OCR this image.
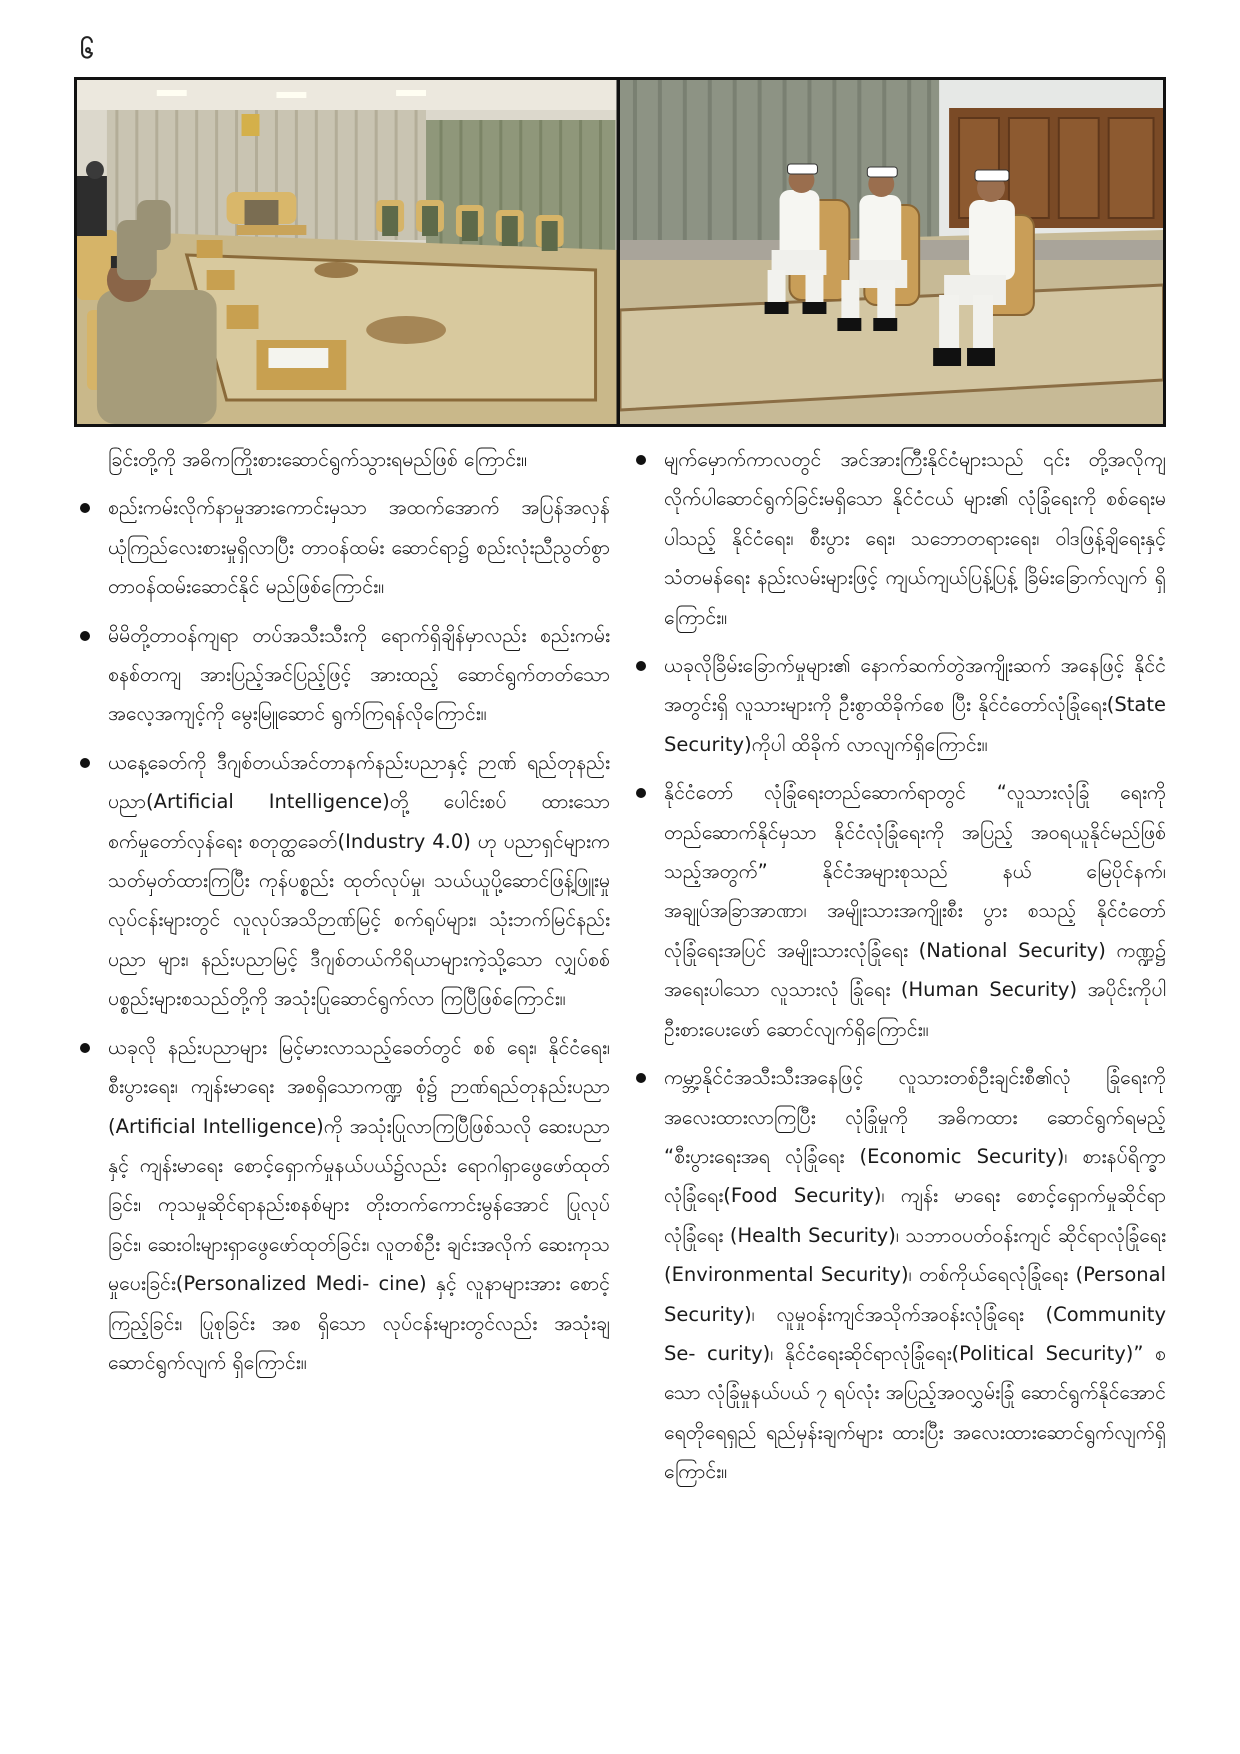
၆
ခြင်းတို့ကို အဓိကကြိုးစားဆောင်ရွက်သွားရမည်ဖြစ် ကြောင်း။
စည်းကမ်းလိုက်နာမှုအားကောင်းမှသာ အထက်အောက် အပြန်အလှန် ယုံကြည်လေးစားမှုရှိလာပြီး တာဝန်ထမ်း ဆောင်ရာ၌ စည်းလုံးညီညွတ်စွာ တာဝန်ထမ်းဆောင်နိုင် မည်ဖြစ်ကြောင်း။
မိမိတို့တာဝန်ကျရာ တပ်အသီးသီးကို ရောက်ရှိချိန်မှာလည်း စည်းကမ်းစနစ်တကျ အားပြည့်အင်ပြည့်ဖြင့် အားထည့် ဆောင်ရွက်တတ်သော အလေ့အကျင့်ကို မွေးမြူဆောင် ရွက်ကြရန်လိုကြောင်း။
ယနေ့ခေတ်ကို ဒီဂျစ်တယ်အင်တာနက်နည်းပညာနှင့် ဉာဏ် ရည်တုနည်းပညာ(Artificial Intelligence)တို့ ပေါင်းစပ် ထားသော စက်မှုတော်လှန်ရေး စတုတ္ထခေတ်(Industry 4.0) ဟု ပညာရှင်များက သတ်မှတ်ထားကြပြီး ကုန်ပစ္စည်း ထုတ်လုပ်မှု၊ သယ်ယူပို့ဆောင်ဖြန့်ဖြူးမှုလုပ်ငန်းများတွင် လူလုပ်အသိဉာဏ်မြင့် စက်ရုပ်များ၊ သုံးဘက်မြင်နည်းပညာ များ၊ နည်းပညာမြင့် ဒီဂျစ်တယ်ကိရိယာများကဲ့သို့သော လျှပ်စစ်ပစ္စည်းများစသည်တို့ကို အသုံးပြုဆောင်ရွက်လာ ကြပြီဖြစ်ကြောင်း။
ယခုလို နည်းပညာများ မြင့်မားလာသည့်ခေတ်တွင် စစ် ရေး၊ နိုင်ငံရေး၊ စီးပွားရေး၊ ကျန်းမာရေး အစရှိသောကဏ္ဍ စုံ၌ ဉာဏ်ရည်တုနည်းပညာ (Artificial Intelligence)ကို အသုံးပြုလာကြပြီဖြစ်သလို ဆေးပညာနှင့် ကျန်းမာရေး စောင့်ရှောက်မှုနယ်ပယ်၌လည်း ရောဂါရှာဖွေဖော်ထုတ်ခြင်း၊ ကုသမှုဆိုင်ရာနည်းစနစ်များ တိုးတက်ကောင်းမွန်အောင် ပြုလုပ်ခြင်း၊ ဆေးဝါးများရှာဖွေဖော်ထုတ်ခြင်း၊ လူတစ်ဦး ချင်းအလိုက် ဆေးကုသမှုပေးခြင်း(Personalized Medi- cine) နှင့် လူနာများအား စောင့်ကြည့်ခြင်း၊ ပြုစုခြင်း အစ ရှိသော လုပ်ငန်းများတွင်လည်း အသုံးချဆောင်ရွက်လျက် ရှိကြောင်း။
မျက်မှောက်ကာလတွင် အင်အားကြီးနိုင်ငံများသည် ၎င်း တို့အလိုကျ လိုက်ပါဆောင်ရွက်ခြင်းမရှိသော နိုင်ငံငယ် များ၏ လုံခြုံရေးကို စစ်ရေးမပါသည့် နိုင်ငံရေး၊ စီးပွား ရေး၊ သဘောတရားရေး၊ ဝါဒဖြန့်ချိရေးနှင့် သံတမန်ရေး နည်းလမ်းများဖြင့် ကျယ်ကျယ်ပြန့်ပြန့် ခြိမ်းခြောက်လျက် ရှိကြောင်း။
ယခုလိုခြိမ်းခြောက်မှုများ၏ နောက်ဆက်တွဲအကျိုးဆက် အနေဖြင့် နိုင်ငံအတွင်းရှိ လူသားများကို ဦးစွာထိခိုက်စေ ပြီး နိုင်ငံတော်လုံခြုံရေး(State Security)ကိုပါ ထိခိုက် လာလျက်ရှိကြောင်း။
နိုင်ငံတော် လုံခြုံရေးတည်ဆောက်ရာတွင် “လူသားလုံခြုံ ရေးကိုတည်ဆောက်နိုင်မှသာ နိုင်ငံလုံခြုံရေးကို အပြည့် အဝရယူနိုင်မည်ဖြစ်သည့်အတွက်” နိုင်ငံအများစုသည် နယ် မြေပိုင်နက်၊ အချုပ်အခြာအာဏာ၊ အမျိုးသားအကျိုးစီး ပွား စသည့် နိုင်ငံတော်လုံခြုံရေးအပြင် အမျိုးသားလုံခြုံရေး (National Security) ကဏ္ဍ၌ အရေးပါသော လူသားလုံ ခြုံရေး (Human Security) အပိုင်းကိုပါ ဦးစားပေးဖော် ဆောင်လျက်ရှိကြောင်း။
ကမ္ဘာ့နိုင်ငံအသီးသီးအနေဖြင့် လူသားတစ်ဦးချင်းစီ၏လုံ ခြုံရေးကို အလေးထားလာကြပြီး လုံခြုံမှုကို အဓိကထား ဆောင်ရွက်ရမည့် “စီးပွားရေးအရ လုံခြုံရေး (Economic Security)၊ စားနပ်ရိက္ခာ လုံခြုံရေး(Food Security)၊ ကျန်း မာရေး စောင့်ရှောက်မှုဆိုင်ရာလုံခြုံရေး (Health Security)၊ သဘာဝပတ်ဝန်းကျင် ဆိုင်ရာလုံခြုံရေး (Environmental Security)၊ တစ်ကိုယ်ရေလုံခြုံရေး (Personal Security)၊ လူမှုဝန်းကျင်အသိုက်အဝန်းလုံခြုံရေး (Community Se- curity)၊ နိုင်ငံရေးဆိုင်ရာလုံခြုံရေး(Political Security)” စသော လုံခြုံမှုနယ်ပယ် ၇ ရပ်လုံး အပြည့်အဝလွှမ်းခြုံ ဆောင်ရွက်နိုင်အောင် ရေတိုရေရှည် ရည်မှန်းချက်များ ထားပြီး အလေးထားဆောင်ရွက်လျက်ရှိကြောင်း။
